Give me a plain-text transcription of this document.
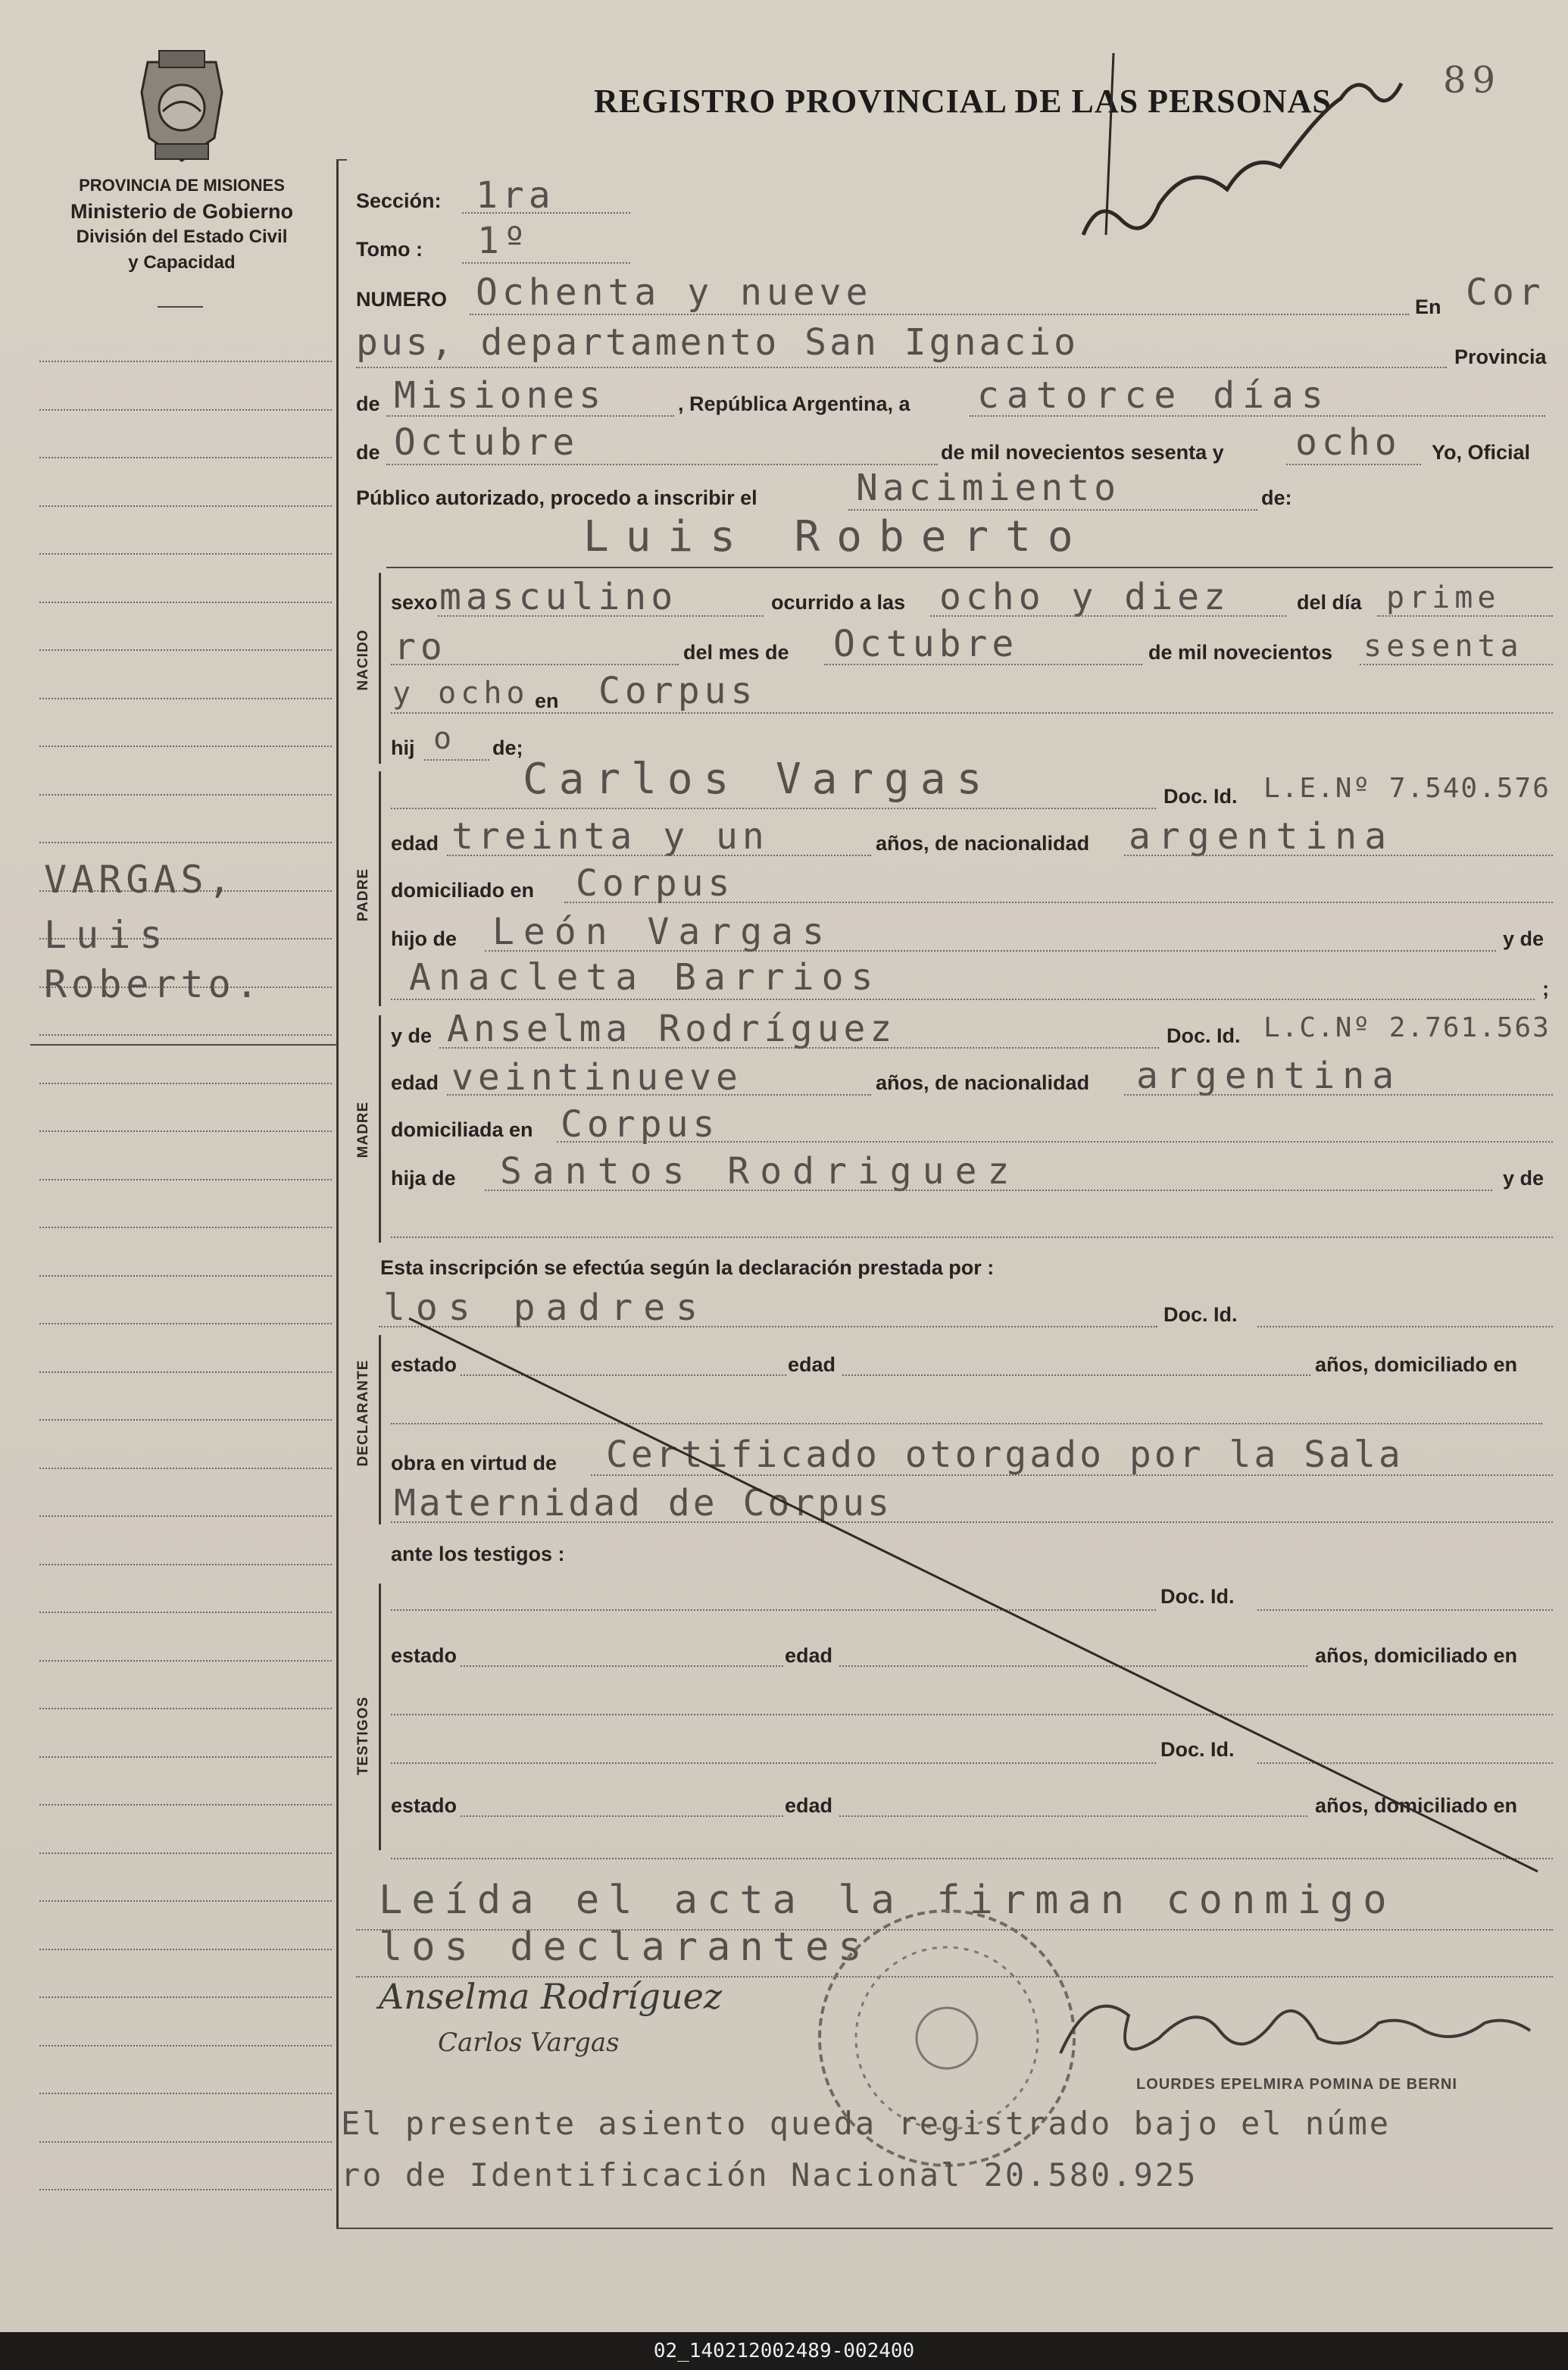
PROVINCIA DE MISIONES
Ministerio de Gobierno
División del Estado Civil
y Capacidad
REGISTRO PROVINCIAL DE LAS PERSONAS	89
VARGAS,
Luis
Roberto.
Sección: 1ra
Tomo : 1º
NUMERO Ochenta y nueve	En Cor
pus, departamento San Ignacio	Provincia
de Misiones	, República Argentina, a catorce días
de Octubre	de mil novecientos sesenta y ocho Yo, Oficial
Público autorizado, procedo a inscribir el	Nacimiento	de:
Luis Roberto
NACIDO
sexo masculino	ocurrido a las ocho y diez	del día prime
ro	del mes de Octubre	de mil novecientos sesenta
y ocho en Corpus
hij o de;
PADRE
Carlos Vargas	Doc. Id. L.E.Nº 7.540.576
edad treinta y un	años, de nacionalidad argentina
domiciliado en Corpus
hijo de León Vargas	y de
Anacleta Barrios	;
MADRE
y de Anselma Rodríguez	Doc. Id. L.C.Nº 2.761.563
edad veintinueve	años, de nacionalidad argentina
domiciliada en Corpus
hija de Santos Rodriguez	y de
Esta inscripción se efectúa según la declaración prestada por :
los padres	Doc. Id.
DECLARANTE estado	edad	años, domiciliado en
obra en virtud de Certificado otorgado por la Sala
Maternidad de Corpus
ante los testigos :
TESTIGOS
Doc. Id.
estado	edad	años, domiciliado en
Doc. Id.
estado	edad	años, domiciliado en
Leída el acta la firman conmigo
los declarantes
Anselma Rodríguez
Carlos Vargas
LOURDES EPELMIRA POMINA DE BERNI
El presente asiento queda registrado bajo el núme
ro de Identificación Nacional 20.580.925
02_140212002489-002400
